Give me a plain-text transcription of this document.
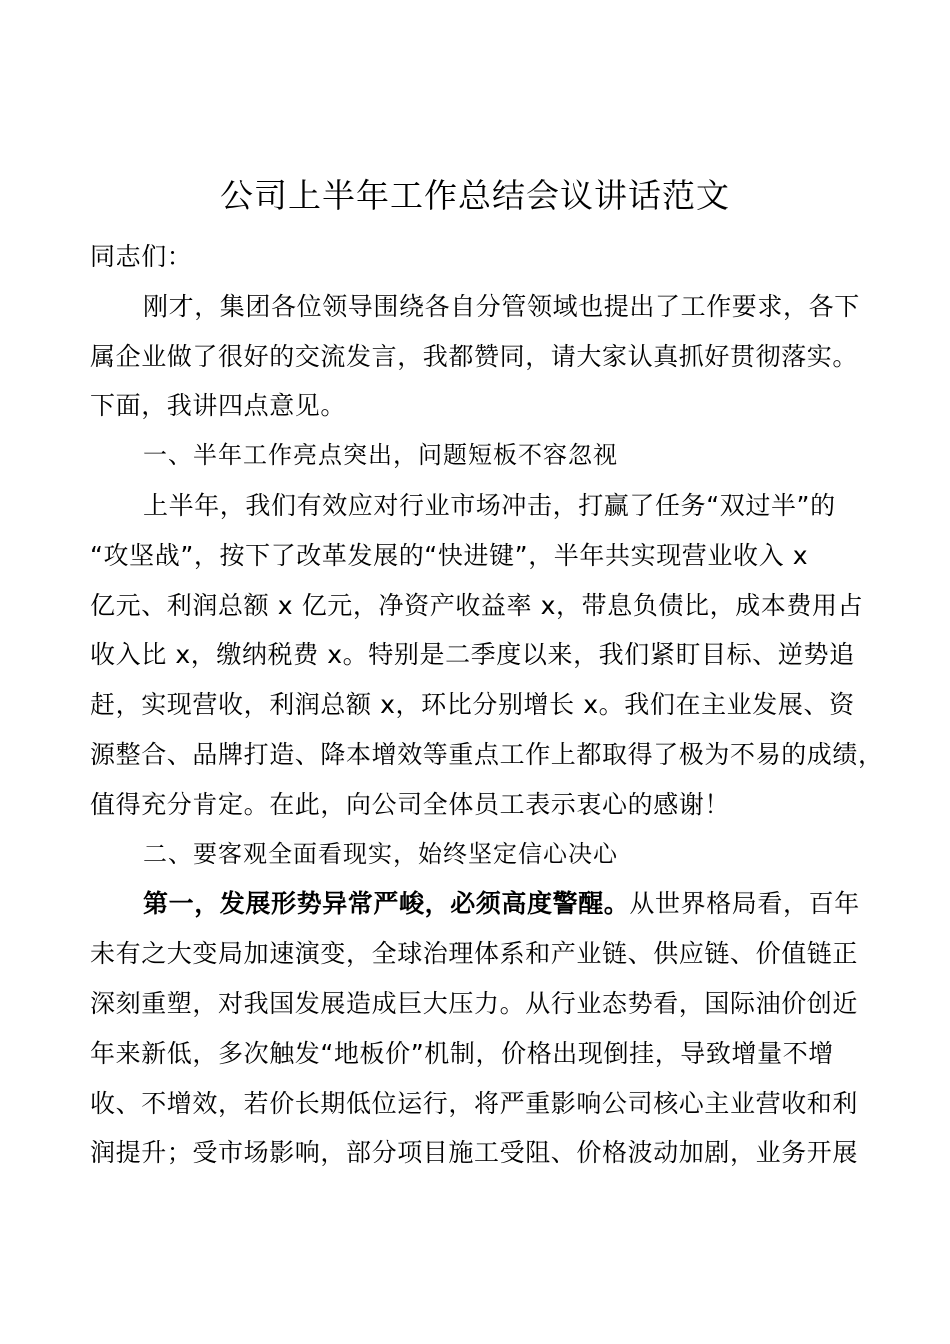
公司上半年工作总结会议讲话范文
同志们：
刚才，集团各位领导围绕各自分管领域也提出了工作要求，各下
属企业做了很好的交流发言，我都赞同，请大家认真抓好贯彻落实。
下面，我讲四点意见。
一、半年工作亮点突出，问题短板不容忽视
上半年，我们有效应对行业市场冲击，打赢了任务“双过半”的
“攻坚战”，按下了改革发展的“快进键”，半年共实现营业收入 x
亿元、利润总额 x 亿元，净资产收益率 x，带息负债比，成本费用占
收入比 x，缴纳税费 x。特别是二季度以来，我们紧盯目标、逆势追
赶，实现营收，利润总额 x，环比分别增长 x。我们在主业发展、资
源整合、品牌打造、降本增效等重点工作上都取得了极为不易的成绩，
值得充分肯定。在此，向公司全体员工表示衷心的感谢！
二、要客观全面看现实，始终坚定信心决心
第一，发展形势异常严峻，必须高度警醒。从世界格局看，百年
未有之大变局加速演变，全球治理体系和产业链、供应链、价值链正
深刻重塑，对我国发展造成巨大压力。从行业态势看，国际油价创近
年来新低，多次触发“地板价”机制，价格出现倒挂，导致增量不增
收、不增效，若价长期低位运行，将严重影响公司核心主业营收和利
润提升；受市场影响，部分项目施工受阻、价格波动加剧，业务开展
